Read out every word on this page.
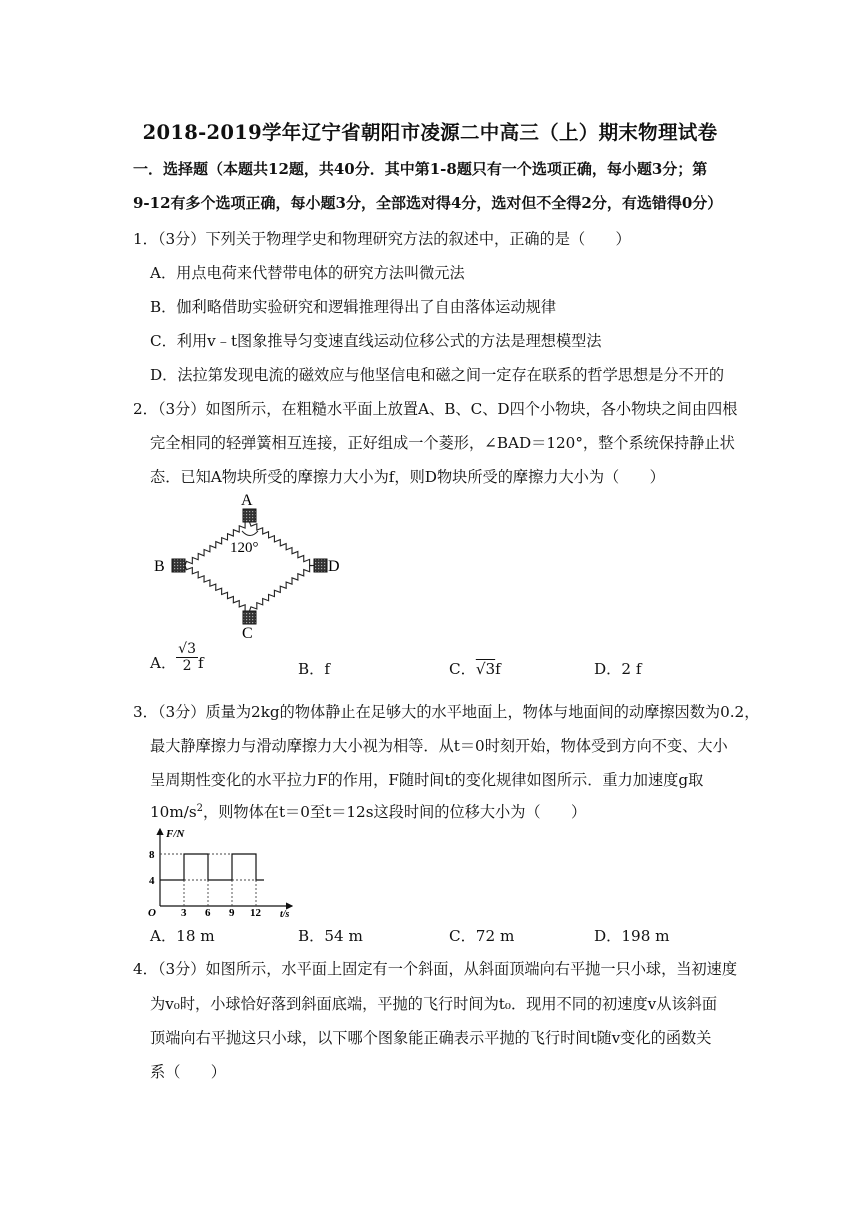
2018-2019学年辽宁省朝阳市凌源二中高三（上）期末物理试卷
一．选择题（本题共12题，共40分．其中第1-8题只有一个选项正确，每小题3分；第
9-12有多个选项正确，每小题3分，全部选对得4分，选对但不全得2分，有选错得0分）
1．（3分）下列关于物理学史和物理研究方法的叙述中，正确的是（　　）
A．用点电荷来代替带电体的研究方法叫微元法
B．伽利略借助实验研究和逻辑推理得出了自由落体运动规律
C．利用v﹣t图象推导匀变速直线运动位移公式的方法是理想模型法
D．法拉第发现电流的磁效应与他坚信电和磁之间一定存在联系的哲学思想是分不开的
2．（3分）如图所示，在粗糙水平面上放置A、B、C、D四个小物块，各小物块之间由四根
完全相同的轻弹簧相互连接，正好组成一个菱形，∠BAD＝120°，整个系统保持静止状
态．已知A物块所受的摩擦力大小为f，则D物块所受的摩擦力大小为（　　）
A
B	D
C
120°
A． $\frac{√3}{2}$ f	B．f	C．√3f	D．2 f
3．（3分）质量为2kg的物体静止在足够大的水平地面上，物体与地面间的动摩擦因数为0.2，
最大静摩擦力与滑动摩擦力大小视为相等．从t＝0时刻开始，物体受到方向不变、大小
呈周期性变化的水平拉力F的作用，F随时间t的变化规律如图所示．重力加速度g取
$10m/s^2$，则物体在t＝0至t＝12s这段时间的位移大小为（　　）
3 6 9 12
4
8
F/N
t/s
O
A．18 m	B．54 m	C．72 m	D．198 m
4．（3分）如图所示，水平面上固定有一个斜面，从斜面顶端向右平抛一只小球，当初速度
为v₀时，小球恰好落到斜面底端，平抛的飞行时间为t₀．现用不同的初速度v从该斜面
顶端向右平抛这只小球，以下哪个图象能正确表示平抛的飞行时间t随v变化的函数关
系（　　）
